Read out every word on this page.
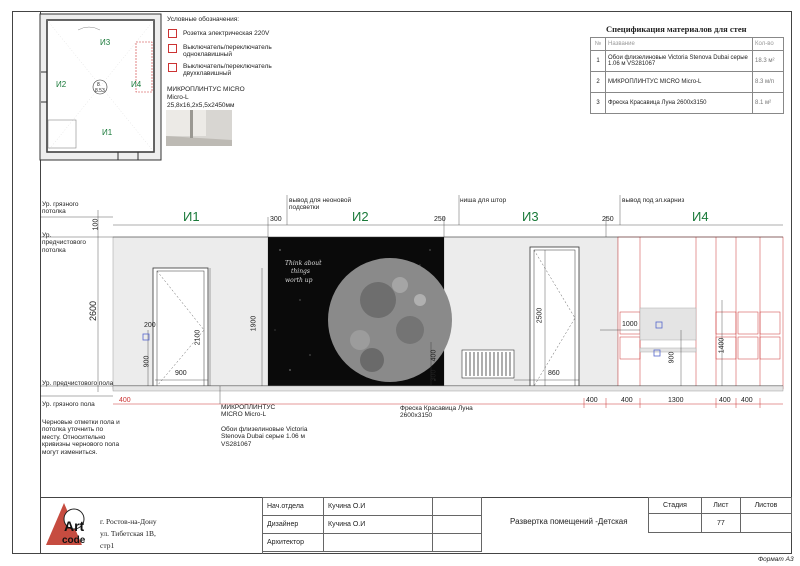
И3
И2	И4
И1
8
8.53
Условные обозначения:
Розетка электрическая 220V
Выключатель/переключатель одноклавишный
Выключатель/переключатель двухклавишный
МИКРОПЛИНТУС MICRO
Micro-L
25,8х16,2х5,5х2450мм
Спецификация материалов для стен
№	Название	Кол-во
1	Обои флизелиновые Victoria Stenova Dubai серые 1.06 м VS281067	18.3 м²
2	МИКРОПЛИНТУС MICRO Micro-L	8.3 м/п
3	Фреска Красавица Луна 2600х3150	8.1 м²
И1	И2	И3	И4
Ур. грязного потолка
Ур. предчистового потолка
Ур. предчистового пола
Ур. грязного пола
вывод для неоновой подсветки
ниша для штор	вывод под эл.карниз
100
2600
300	250	250
200
2100
900
900
1900
2500
400
300	860
1000
900
1400
400	400	400	1300	400 400
Think about
things
worth up
МИКРОПЛИНТУС MICRO Micro-L
Обои флизелиновые Victoria Stenova Dubai серые 1.06 м VS281067
Фреска Красавица Луна 2600х3150
Черновые отметки пола и потолка уточнить по месту. Относительно кривизны чернового пола могут измениться.
Art
code
г. Ростов-на-Дону
ул. Тибетская 1В,
стр1
Нач.отдела	Кучина О.И	
Дизайнер	Кучина О.И	
Архитектор		
Развертка помещений -Детская
Стадия	Лист	Листов
	77	
Формат А3
